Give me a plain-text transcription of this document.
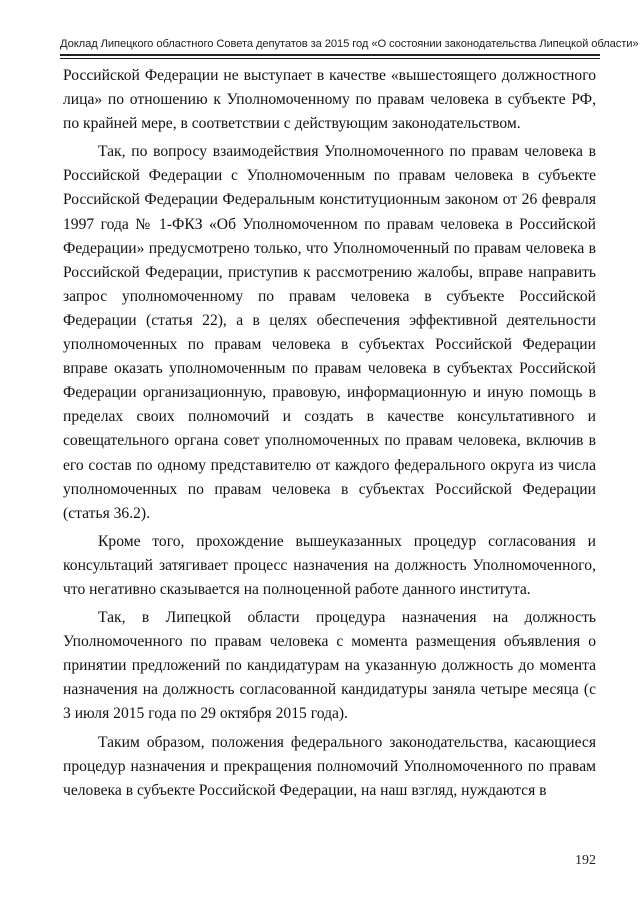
Доклад Липецкого областного Совета депутатов за 2015 год «О состоянии законодательства Липецкой области»

Российской Федерации не выступает в качестве «вышестоящего должностного лица» по отношению к Уполномоченному по правам человека в субъекте РФ, по крайней мере, в соответствии с действующим законодательством.

Так, по вопросу взаимодействия Уполномоченного по правам человека в Российской Федерации с Уполномоченным по правам человека в субъекте Российской Федерации Федеральным конституционным законом от 26 февраля 1997 года № 1-ФКЗ «Об Уполномоченном по правам человека в Российской Федерации» предусмотрено только, что Уполномоченный по правам человека в Российской Федерации, приступив к рассмотрению жалобы, вправе направить запрос уполномоченному по правам человека в субъекте Российской Федерации (статья 22), а в целях обеспечения эффективной деятельности уполномоченных по правам человека в субъектах Российской Федерации вправе оказать уполномоченным по правам человека в субъектах Российской Федерации организационную, правовую, информационную и иную помощь в пределах своих полномочий и создать в качестве консультативного и совещательного органа совет уполномоченных по правам человека, включив в его состав по одному представителю от каждого федерального округа из числа уполномоченных по правам человека в субъектах Российской Федерации (статья 36.2).

Кроме того, прохождение вышеуказанных процедур согласования и консультаций затягивает процесс назначения на должность Уполномоченного, что негативно сказывается на полноценной работе данного института.

Так, в Липецкой области процедура назначения на должность Уполномоченного по правам человека с момента размещения объявления о принятии предложений по кандидатурам на указанную должность до момента назначения на должность согласованной кандидатуры заняла четыре месяца (с 3 июля 2015 года по 29 октября 2015 года).

Таким образом, положения федерального законодательства, касающиеся процедур назначения и прекращения полномочий Уполномоченного по правам человека в субъекте Российской Федерации, на наш взгляд, нуждаются в

192
